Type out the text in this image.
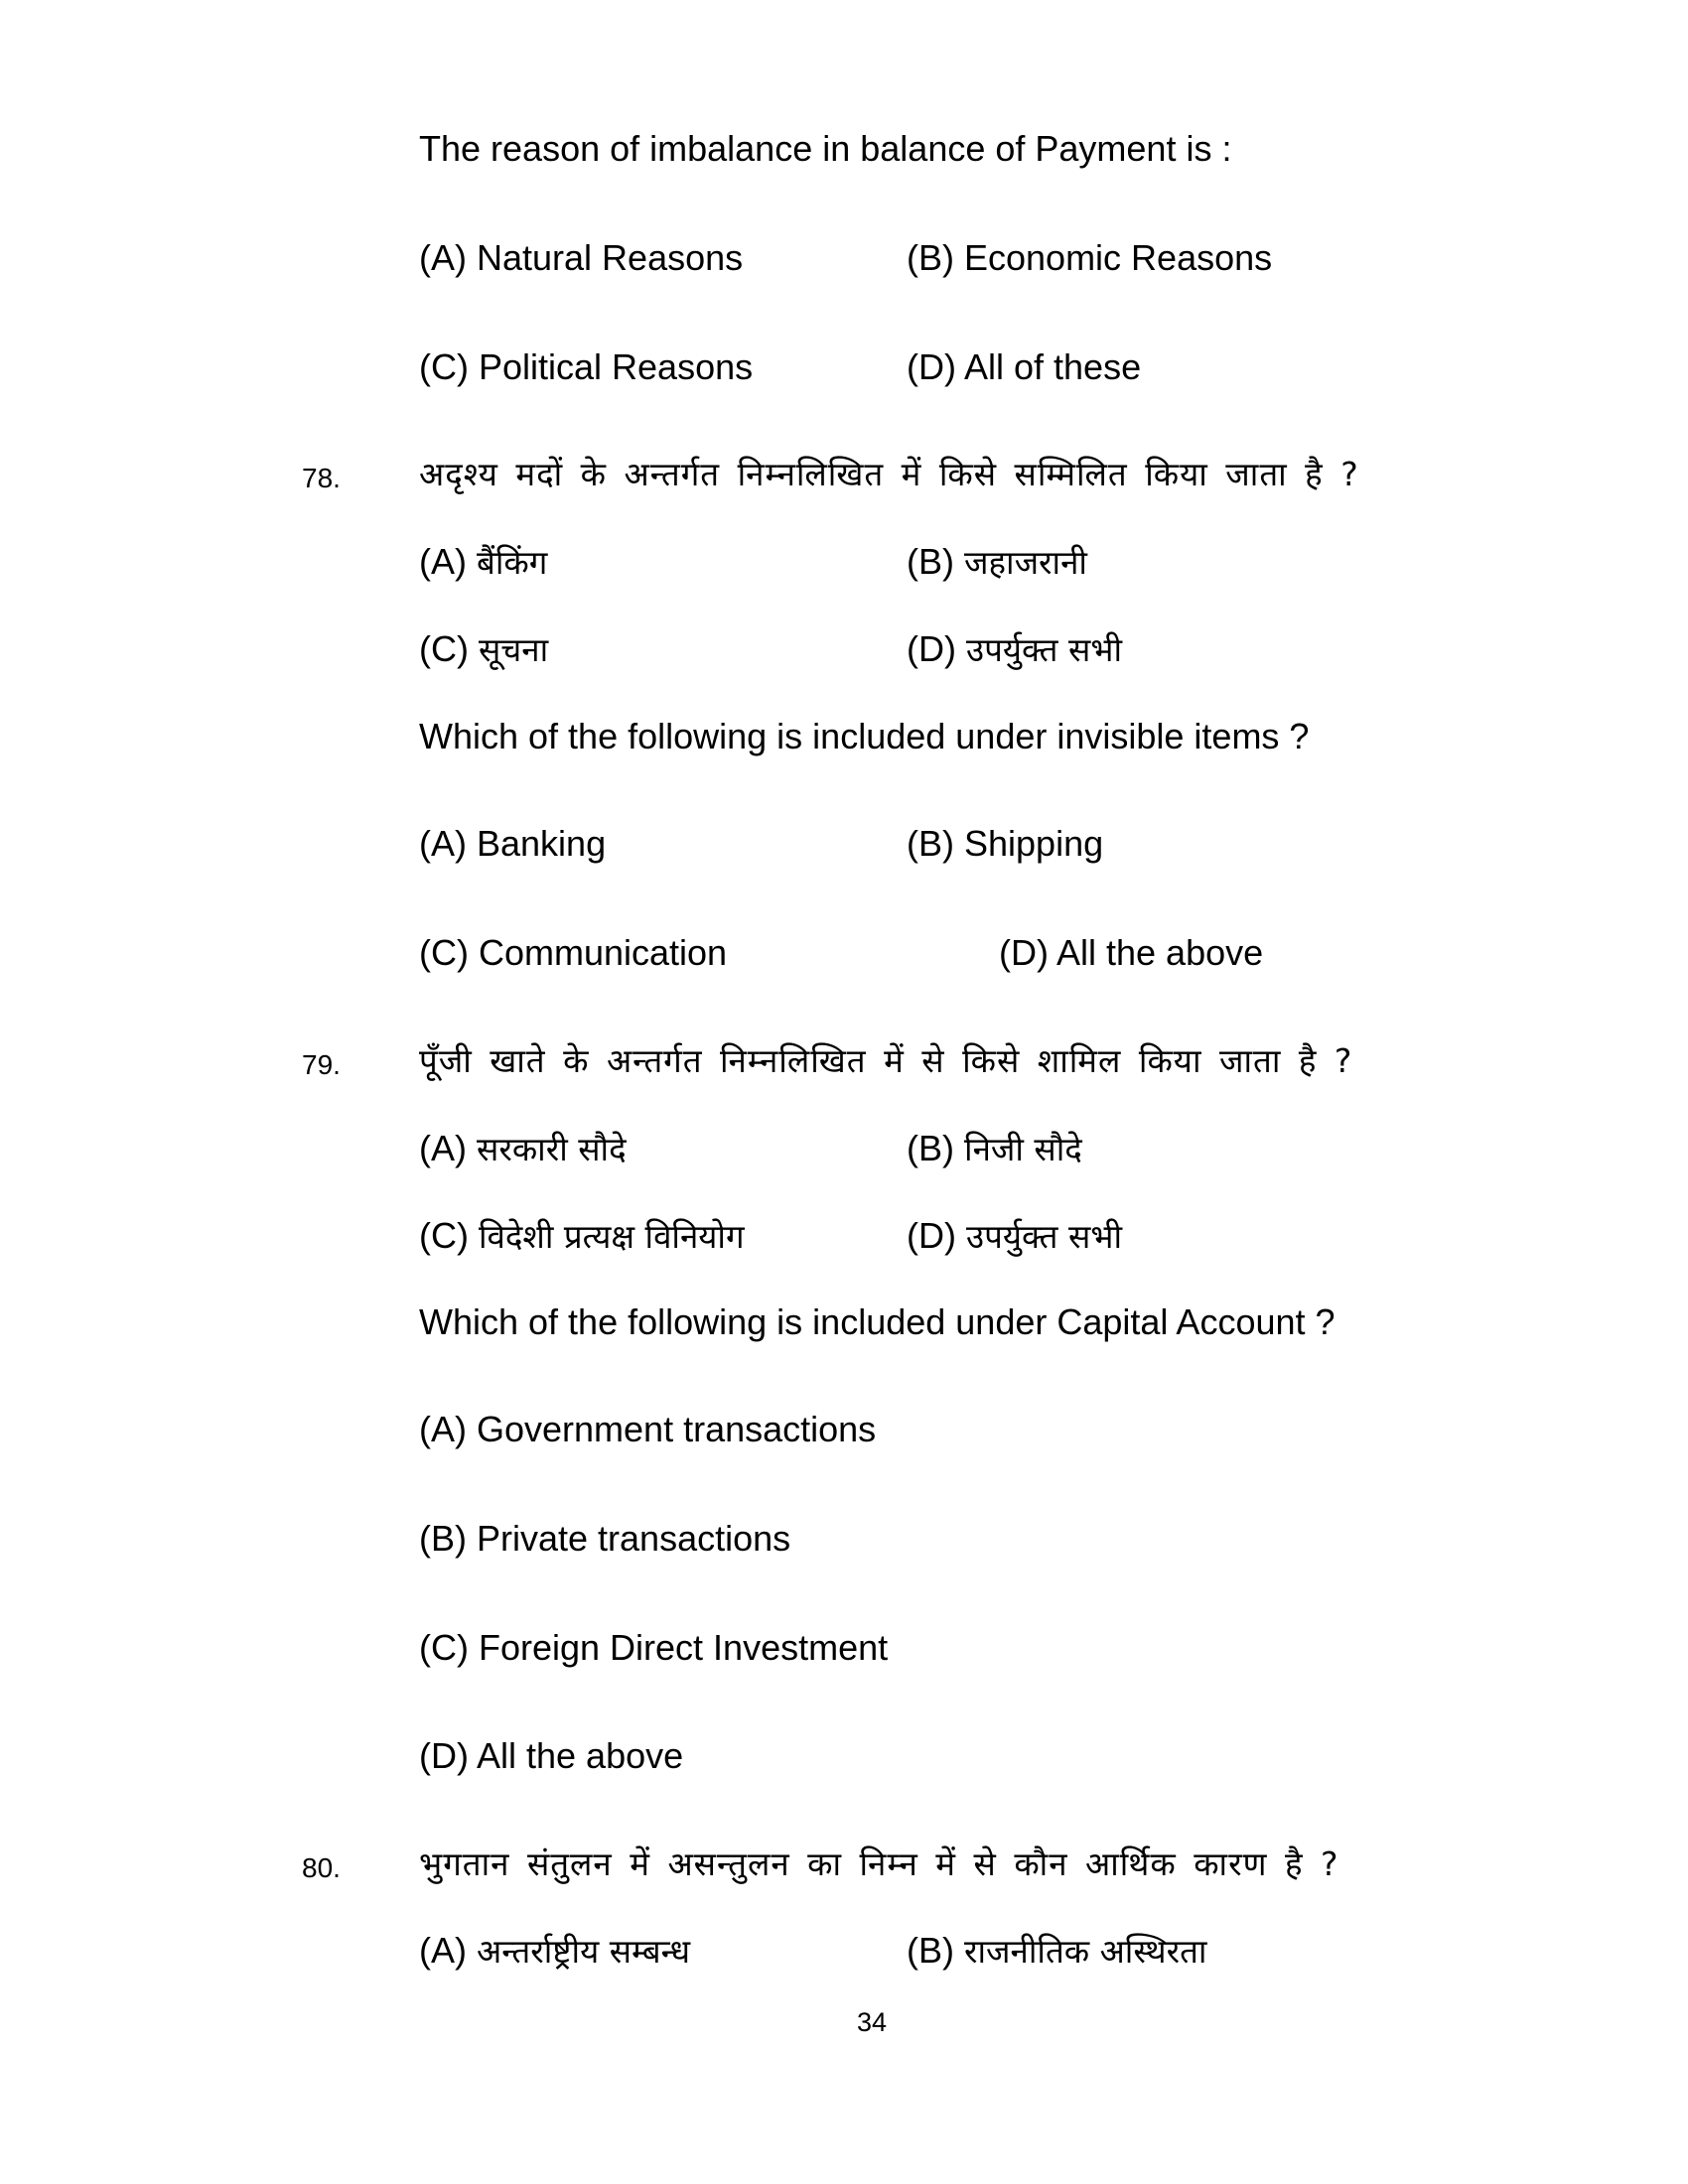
The reason of imbalance in balance of Payment is :
(A) Natural Reasons	(B) Economic Reasons
(C) Political Reasons	(D) All of these
78. अदृश्य मदों के अन्तर्गत निम्नलिखित में किसे सम्मिलित किया जाता है ?
(A) बैंकिंग	(B) जहाजरानी
(C) सूचना	(D) उपर्युक्त सभी
Which of the following is included under invisible items ?
(A) Banking	(B) Shipping
(C) Communication	(D) All the above
79. पूँजी खाते के अन्तर्गत निम्नलिखित में से किसे शामिल किया जाता है ?
(A) सरकारी सौदे	(B) निजी सौदे
(C) विदेशी प्रत्यक्ष विनियोग	(D) उपर्युक्त सभी
Which of the following is included under Capital Account ?
(A) Government transactions
(B) Private transactions
(C) Foreign Direct Investment
(D) All the above
80. भुगतान संतुलन में असन्तुलन का निम्न में से कौन आर्थिक कारण है ?
(A) अन्तर्राष्ट्रीय सम्बन्ध	(B) राजनीतिक अस्थिरता
34
